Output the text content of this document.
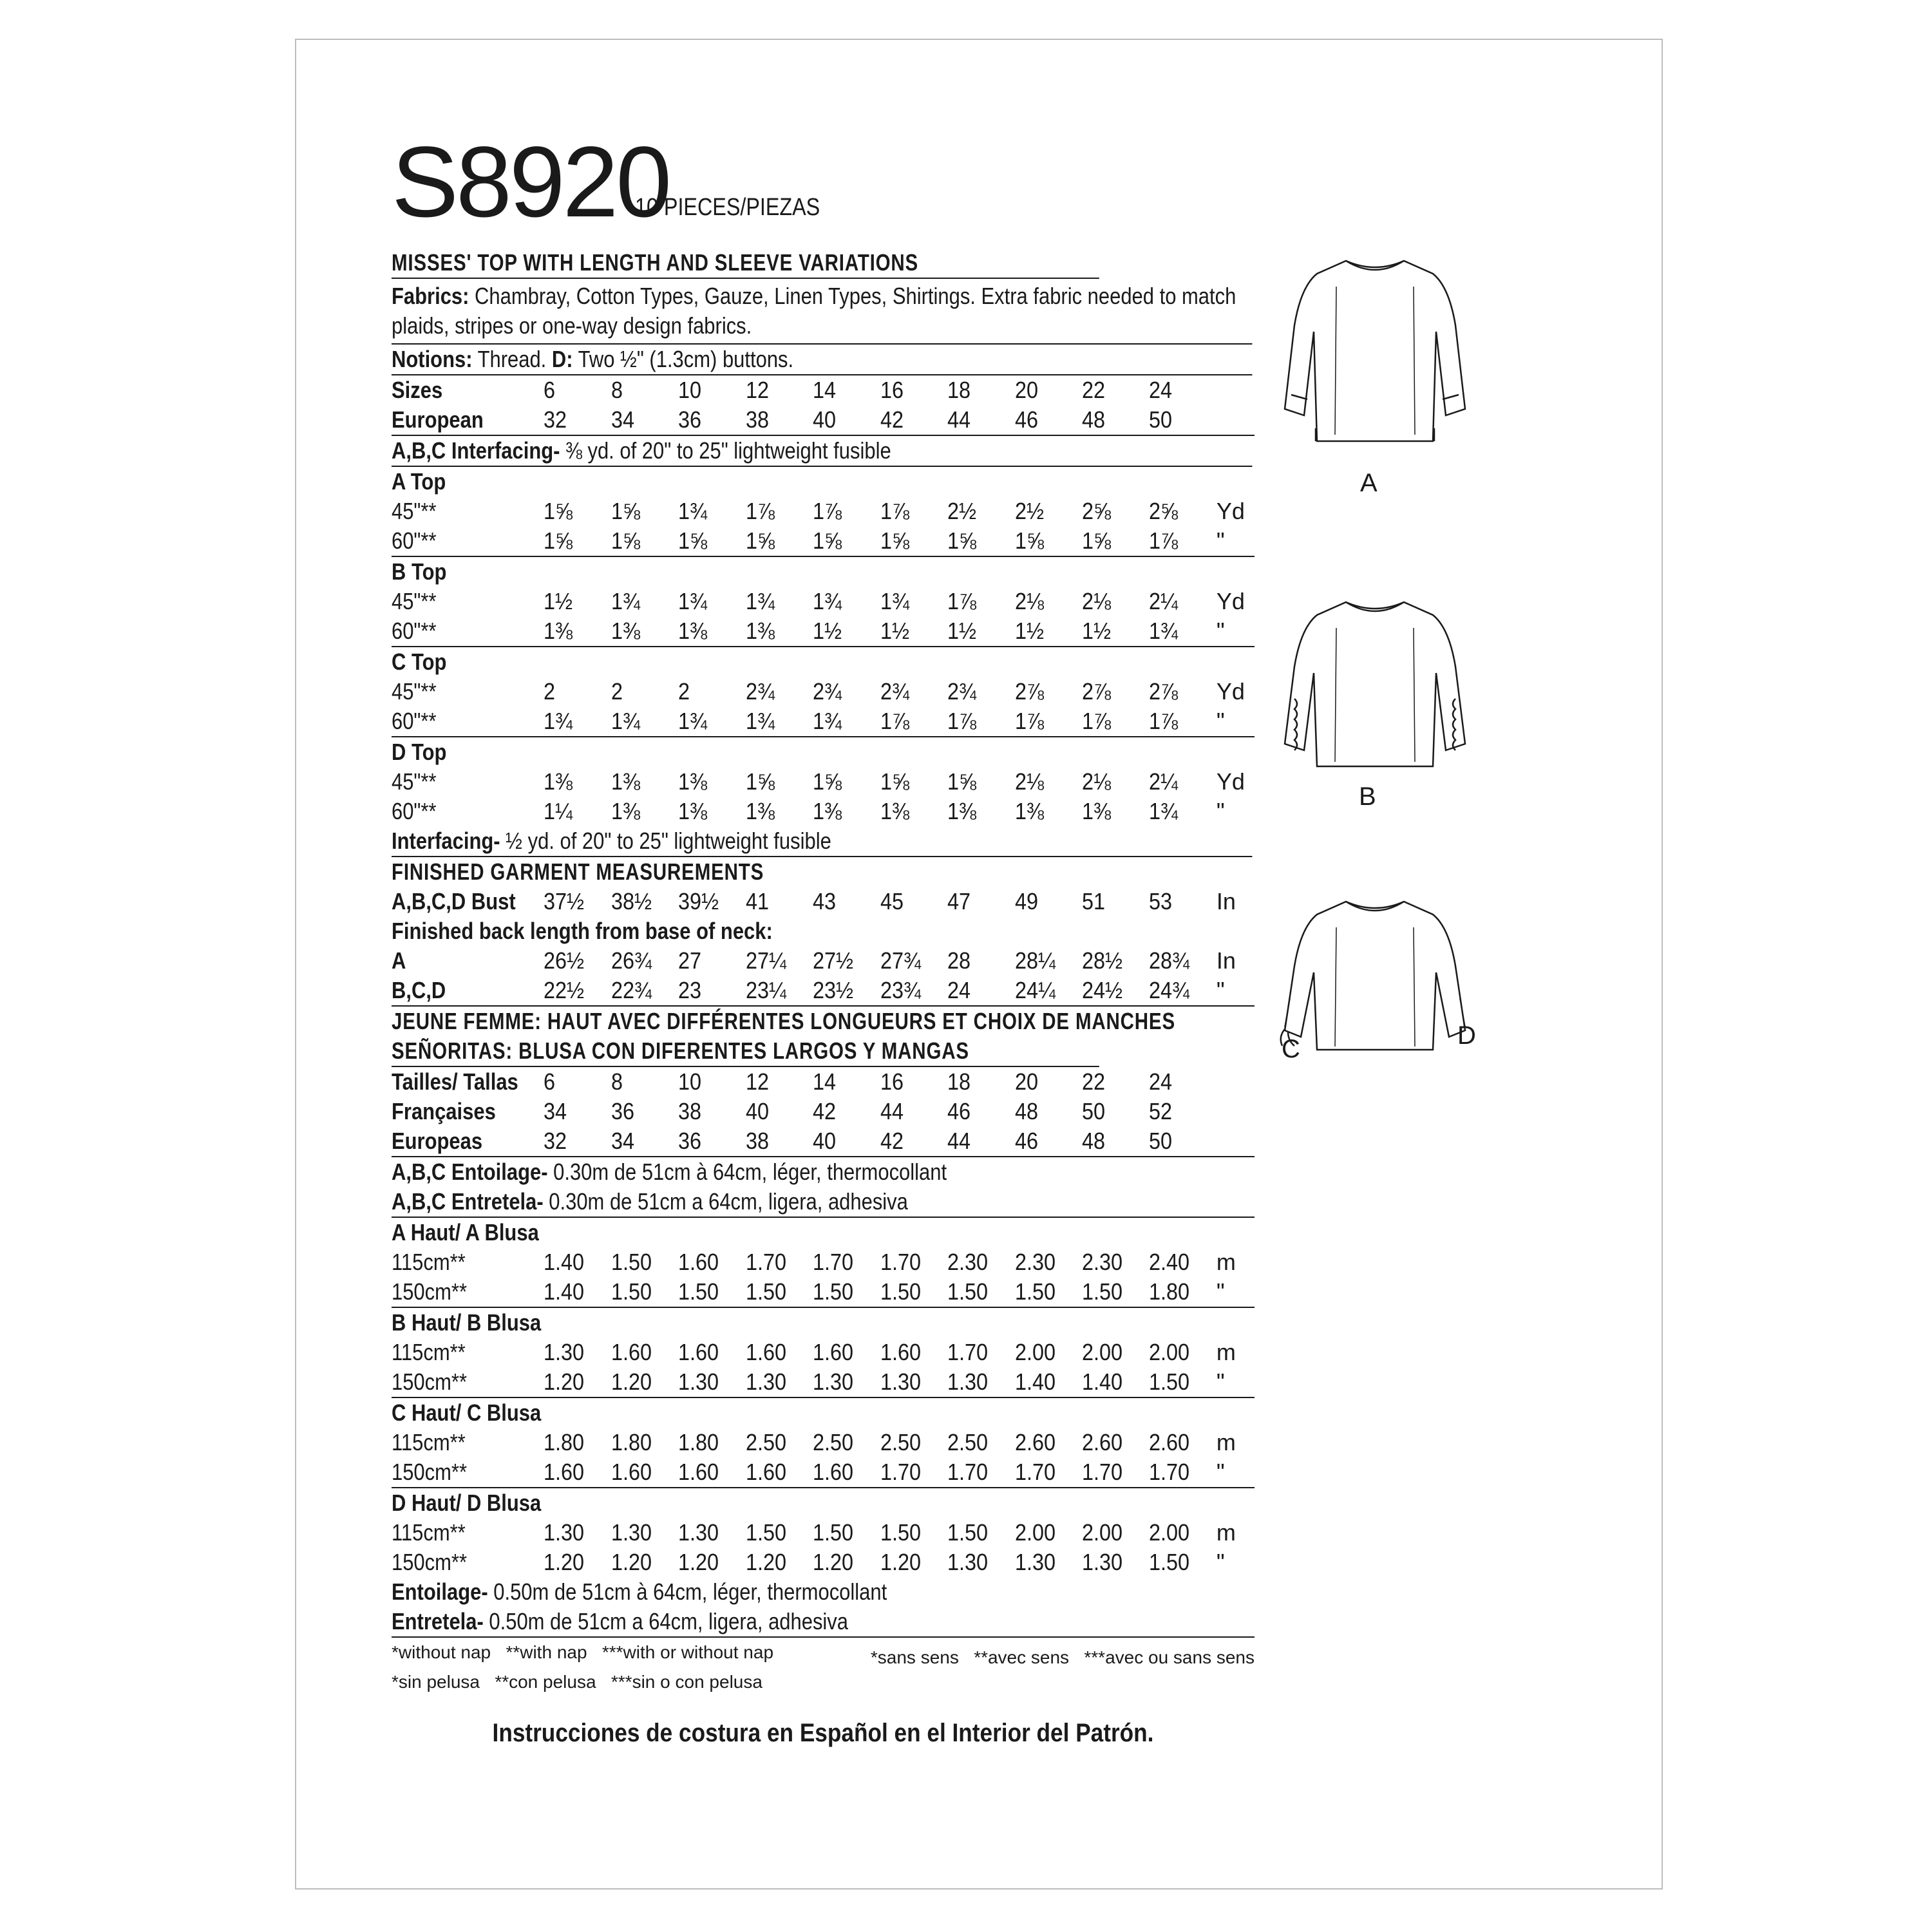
S8920
10 PIECES/PIEZAS
MISSES' TOP WITH LENGTH AND SLEEVE VARIATIONS
Fabrics: Chambray, Cotton Types, Gauze, Linen Types, Shirtings. Extra fabric needed to match plaids, stripes or one-way design fabrics.
Notions: Thread. D: Two ½" (1.3cm) buttons.
Sizes	6	8	10	12	14	16	18	20	22	24
European	32	34	36	38	40	42	44	46	48	50
A,B,C Interfacing- ⅜ yd. of 20" to 25" lightweight fusible
A Top
45"**	1⅝	1⅝	1¾	1⅞	1⅞	1⅞	2½	2½	2⅝	2⅝	Yd
60"**	1⅝	1⅝	1⅝	1⅝	1⅝	1⅝	1⅝	1⅝	1⅝	1⅞	"
B Top
45"**	1½	1¾	1¾	1¾	1¾	1¾	1⅞	2⅛	2⅛	2¼	Yd
60"**	1⅜	1⅜	1⅜	1⅜	1½	1½	1½	1½	1½	1¾	"
C Top
45"**	2	2	2	2¾	2¾	2¾	2¾	2⅞	2⅞	2⅞	Yd
60"**	1¾	1¾	1¾	1¾	1¾	1⅞	1⅞	1⅞	1⅞	1⅞	"
D Top
45"**	1⅜	1⅜	1⅜	1⅝	1⅝	1⅝	1⅝	2⅛	2⅛	2¼	Yd
60"**	1¼	1⅜	1⅜	1⅜	1⅜	1⅜	1⅜	1⅜	1⅜	1¾	"
Interfacing- ½ yd. of 20" to 25" lightweight fusible
FINISHED GARMENT MEASUREMENTS
A,B,C,D Bust 37½	38½	39½	41	43	45	47	49	51	53	In
Finished back length from base of neck:
A	26½	26¾	27	27¼	27½	27¾	28	28¼	28½	28¾	In
B,C,D	22½	22¾	23	23¼	23½	23¾	24	24¼	24½	24¾	"
JEUNE FEMME: HAUT AVEC DIFFÉRENTES LONGUEURS ET CHOIX DE MANCHES
SEÑORITAS: BLUSA CON DIFERENTES LARGOS Y MANGAS
Tailles/ Tallas 6	8	10	12	14	16	18	20	22	24
Françaises	34	36	38	40	42	44	46	48	50	52
Europeas	32	34	36	38	40	42	44	46	48	50
A,B,C Entoilage- 0.30m de 51cm à 64cm, léger, thermocollant
A,B,C Entretela- 0.30m de 51cm a 64cm, ligera, adhesiva
A Haut/ A Blusa
115cm**	1.40	1.50	1.60	1.70	1.70	1.70	2.30	2.30	2.30	2.40	m
150cm**	1.40	1.50	1.50	1.50	1.50	1.50	1.50	1.50	1.50	1.80	"
B Haut/ B Blusa
115cm**	1.30	1.60	1.60	1.60	1.60	1.60	1.70	2.00	2.00	2.00	m
150cm**	1.20	1.20	1.30	1.30	1.30	1.30	1.30	1.40	1.40	1.50	"
C Haut/ C Blusa
115cm**	1.80	1.80	1.80	2.50	2.50	2.50	2.50	2.60	2.60	2.60	m
150cm**	1.60	1.60	1.60	1.60	1.60	1.70	1.70	1.70	1.70	1.70	"
D Haut/ D Blusa
115cm**	1.30	1.30	1.30	1.50	1.50	1.50	1.50	2.00	2.00	2.00	m
150cm**	1.20	1.20	1.20	1.20	1.20	1.20	1.30	1.30	1.30	1.50	"
Entoilage- 0.50m de 51cm à 64cm, léger, thermocollant
Entretela- 0.50m de 51cm a 64cm, ligera, adhesiva
*without nap   **with nap   ***with or without nap	*sans sens   **avec sens   ***avec ou sans sens
*sin pelusa   **con pelusa   ***sin o con pelusa
Instrucciones de costura en Español en el Interior del Patrón.
A
B
C	D
